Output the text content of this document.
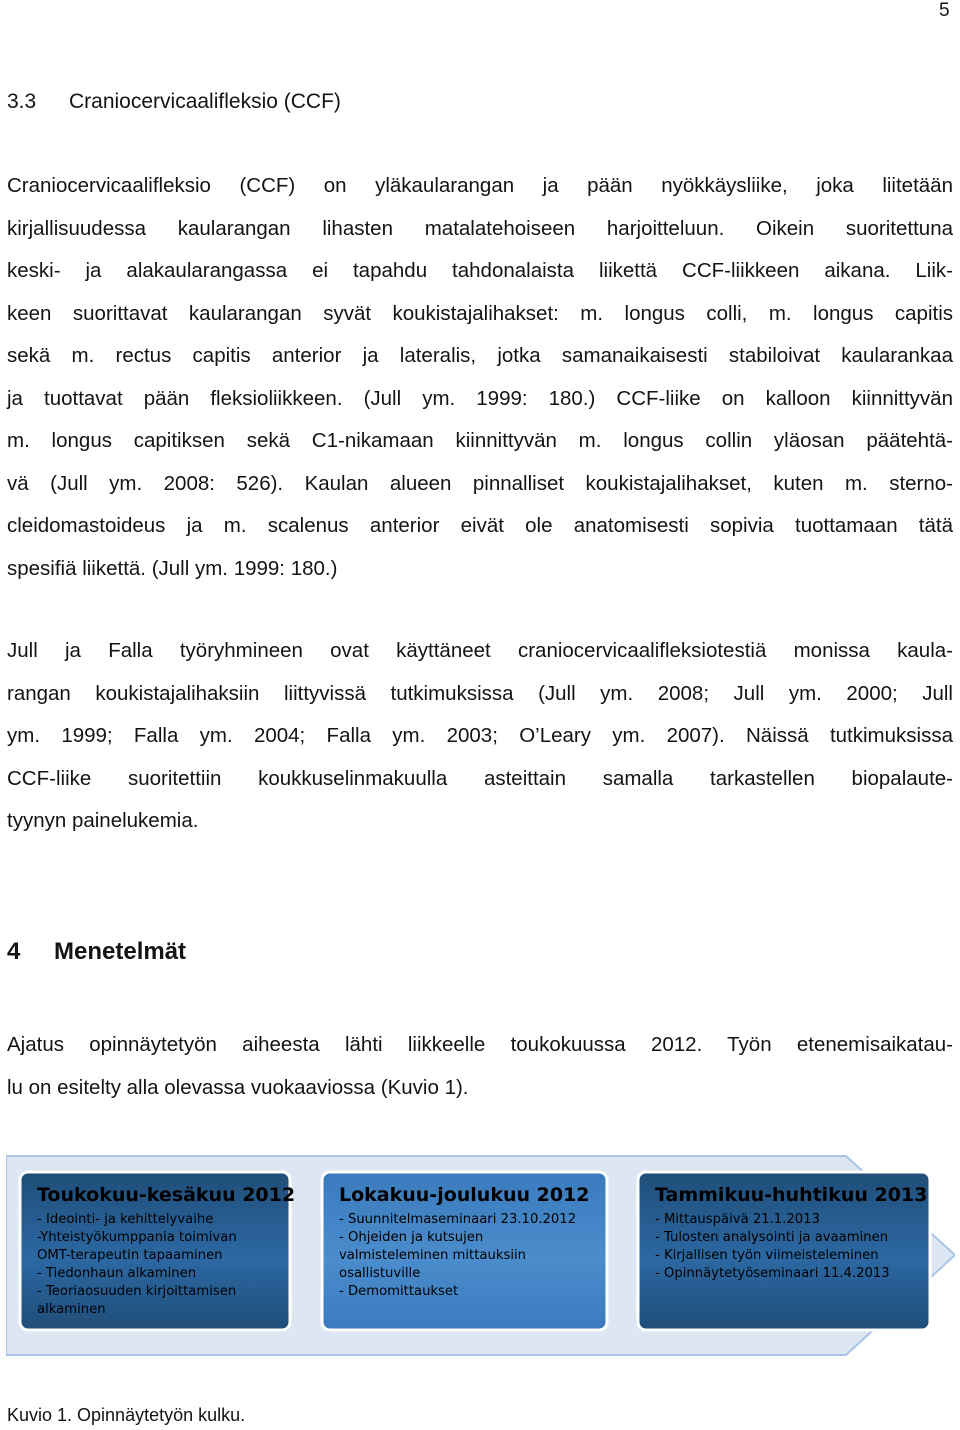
5
3.3 Craniocervicaalifleksio (CCF)
Craniocervicaalifleksio (CCF) on yläkaularangan ja pään nyökkäysliike, joka liitetään
kirjallisuudessa kaularangan lihasten matalatehoiseen harjoitteluun. Oikein suoritettuna
keski- ja alakaularangassa ei tapahdu tahdonalaista liikettä CCF-liikkeen aikana. Liik-
keen suorittavat kaularangan syvät koukistajalihakset: m. longus colli, m. longus capitis
sekä m. rectus capitis anterior ja lateralis, jotka samanaikaisesti stabiloivat kaularankaa
ja tuottavat pään fleksioliikkeen. (Jull ym. 1999: 180.) CCF-liike on kalloon kiinnittyvän
m. longus capitiksen sekä C1-nikamaan kiinnittyvän m. longus collin yläosan päätehtä-
vä (Jull ym. 2008: 526). Kaulan alueen pinnalliset koukistajalihakset, kuten m. sterno-
cleidomastoideus ja m. scalenus anterior eivät ole anatomisesti sopivia tuottamaan tätä
spesifiä liikettä. (Jull ym. 1999: 180.)
Jull ja Falla työryhmineen ovat käyttäneet craniocervicaalifleksiotestiä monissa kaula-
rangan koukistajalihaksiin liittyvissä tutkimuksissa (Jull ym. 2008; Jull ym. 2000; Jull
ym. 1999; Falla ym. 2004; Falla ym. 2003; O’Leary ym. 2007). Näissä tutkimuksissa
CCF-liike suoritettiin koukkuselinmakuulla asteittain samalla tarkastellen biopalaute-
tyynyn painelukemia.
4 Menetelmät
Ajatus opinnäytetyön aiheesta lähti liikkeelle toukokuussa 2012. Työn etenemisaikatau-
lu on esitelty alla olevassa vuokaaviossa (Kuvio 1).
Toukokuu-kesäkuu 2012
- Ideointi- ja kehittelyvaihe
-Yhteistyökumppania toimivan
OMT-terapeutin tapaaminen
- Tiedonhaun alkaminen
- Teoriaosuuden kirjoittamisen
alkaminen
Lokakuu-joulukuu 2012
- Suunnitelmaseminaari 23.10.2012
- Ohjeiden ja kutsujen
valmisteleminen mittauksiin
osallistuville
- Demomittaukset
Tammikuu-huhtikuu 2013
- Mittauspäivä 21.1.2013
- Tulosten analysointi ja avaaminen
- Kirjallisen työn viimeisteleminen
- Opinnäytetyöseminaari 11.4.2013
Kuvio 1. Opinnäytetyön kulku.
